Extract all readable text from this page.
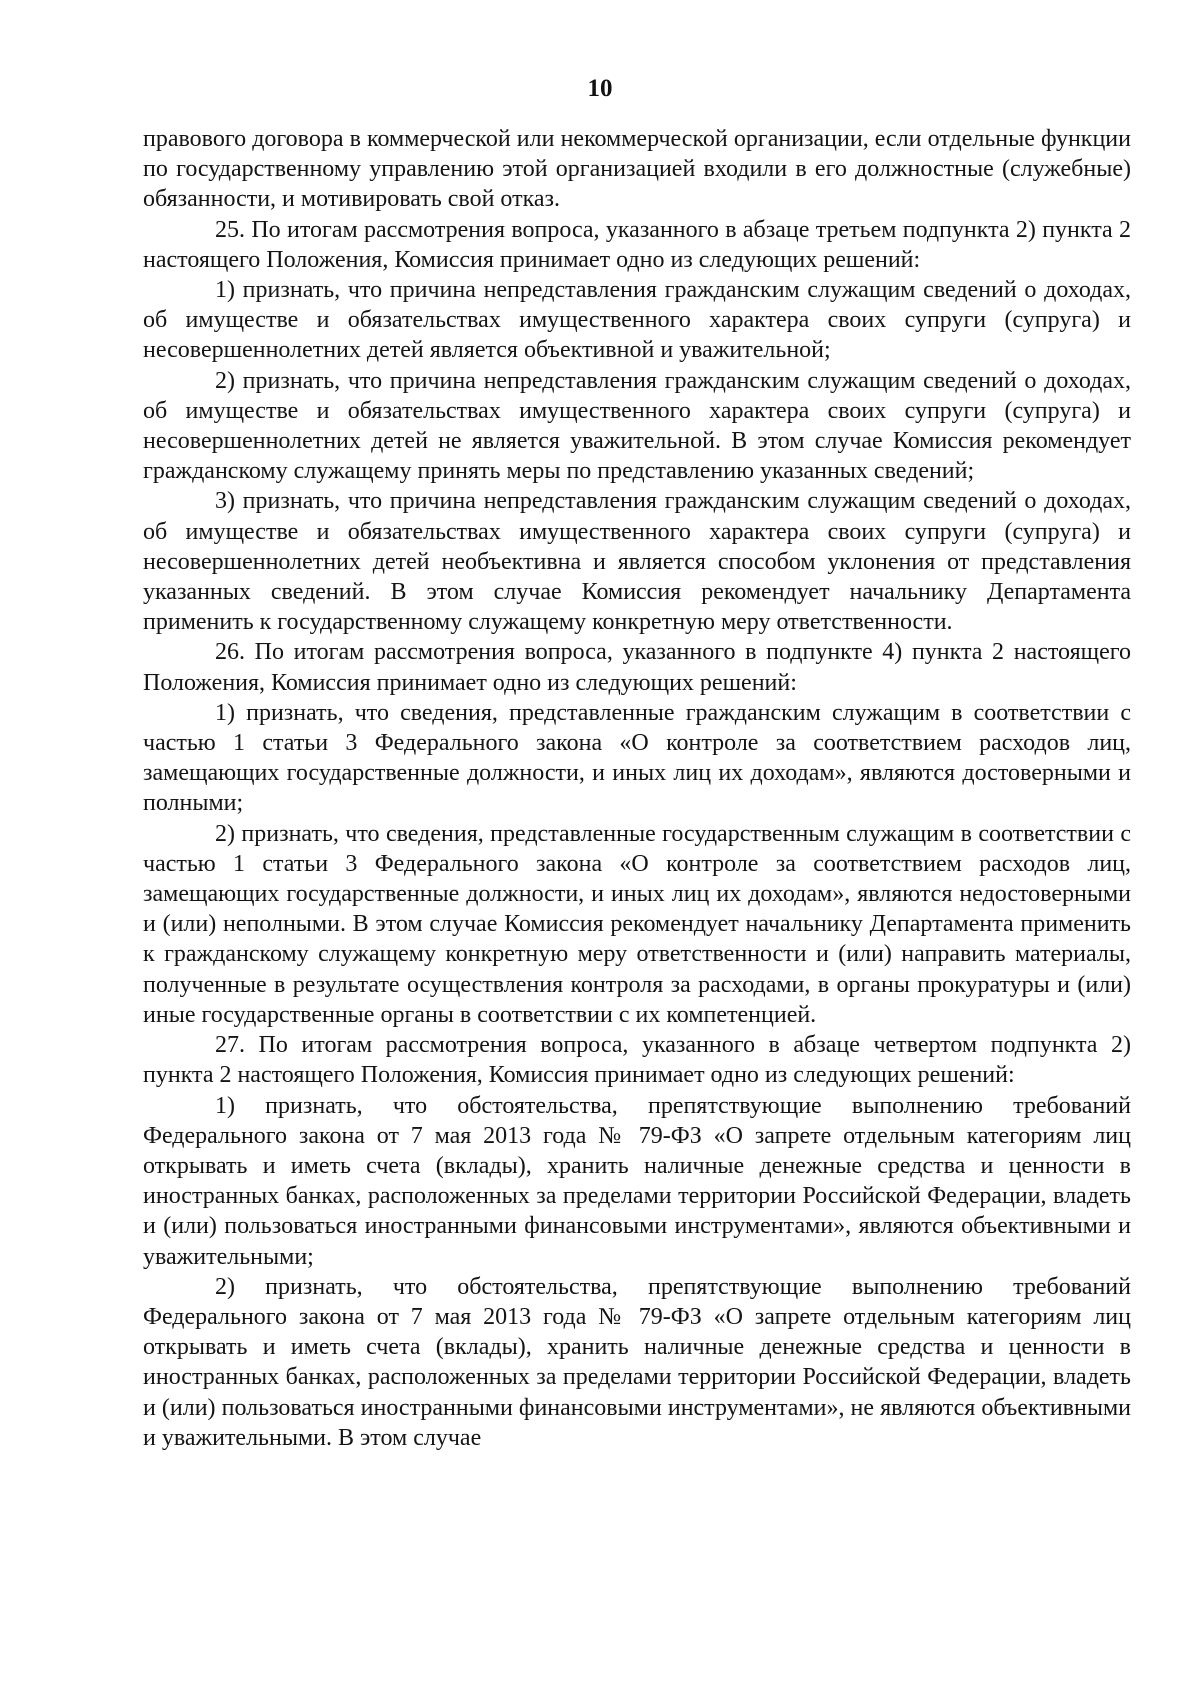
10

правового договора в коммерческой или некоммерческой организации, если отдельные функции по государственному управлению этой организацией входили в его должностные (служебные) обязанности, и мотивировать свой отказ.

25. По итогам рассмотрения вопроса, указанного в абзаце третьем подпункта 2) пункта 2 настоящего Положения, Комиссия принимает одно из следующих решений:

1) признать, что причина непредставления гражданским служащим сведений о доходах, об имуществе и обязательствах имущественного характера своих супруги (супруга) и несовершеннолетних детей является объективной и уважительной;

2) признать, что причина непредставления гражданским служащим сведений о доходах, об имуществе и обязательствах имущественного характера своих супруги (супруга) и несовершеннолетних детей не является уважительной. В этом случае Комиссия рекомендует гражданскому служащему принять меры по представлению указанных сведений;

3) признать, что причина непредставления гражданским служащим сведений о доходах, об имуществе и обязательствах имущественного характера своих супруги (супруга) и несовершеннолетних детей необъективна и является способом уклонения от представления указанных сведений. В этом случае Комиссия рекомендует начальнику Департамента применить к государственному служащему конкретную меру ответственности.

26. По итогам рассмотрения вопроса, указанного в подпункте 4) пункта 2 настоящего Положения, Комиссия принимает одно из следующих решений:

1) признать, что сведения, представленные гражданским служащим в соответствии с частью 1 статьи 3 Федерального закона «О контроле за соответствием расходов лиц, замещающих государственные должности, и иных лиц их доходам», являются достоверными и полными;

2) признать, что сведения, представленные государственным служащим в соответствии с частью 1 статьи 3 Федерального закона «О контроле за соответствием расходов лиц, замещающих государственные должности, и иных лиц их доходам», являются недостоверными и (или) неполными. В этом случае Комиссия рекомендует начальнику Департамента применить к гражданскому служащему конкретную меру ответственности и (или) направить материалы, полученные в результате осуществления контроля за расходами, в органы прокуратуры и (или) иные государственные органы в соответствии с их компетенцией.

27. По итогам рассмотрения вопроса, указанного в абзаце четвертом подпункта 2) пункта 2 настоящего Положения, Комиссия принимает одно из следующих решений:

1) признать, что обстоятельства, препятствующие выполнению требований Федерального закона от 7 мая 2013 года № 79-ФЗ «О запрете отдельным категориям лиц открывать и иметь счета (вклады), хранить наличные денежные средства и ценности в иностранных банках, расположенных за пределами территории Российской Федерации, владеть и (или) пользоваться иностранными финансовыми инструментами», являются объективными и уважительными;

2) признать, что обстоятельства, препятствующие выполнению требований Федерального закона от 7 мая 2013 года № 79-ФЗ «О запрете отдельным категориям лиц открывать и иметь счета (вклады), хранить наличные денежные средства и ценности в иностранных банках, расположенных за пределами территории Российской Федерации, владеть и (или) пользоваться иностранными финансовыми инструментами», не являются объективными и уважительными. В этом случае
